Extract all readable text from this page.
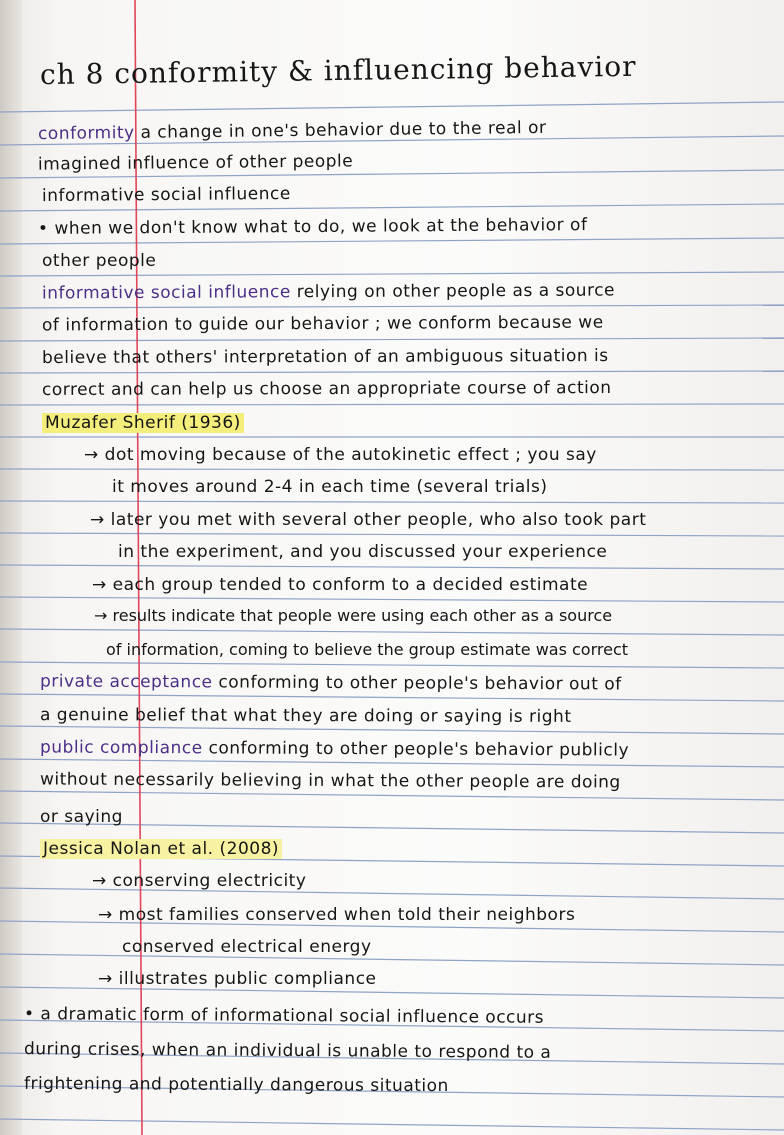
ch 8 conformity & influencing behavior
conformity a change in one's behavior due to the real or
imagined influence of other people
informative social influence
• when we don't know what to do, we look at the behavior of
other people
informative social influence relying on other people as a source
of information to guide our behavior ; we conform because we
believe that others' interpretation of an ambiguous situation is
correct and can help us choose an appropriate course of action
Muzafer Sherif (1936)
→ dot moving because of the autokinetic effect ; you say
it moves around 2-4 in each time (several trials)
→ later you met with several other people, who also took part
in the experiment, and you discussed your experience
→ each group tended to conform to a decided estimate
→ results indicate that people were using each other as a source
of information, coming to believe the group estimate was correct
private acceptance conforming to other people's behavior out of
a genuine belief that what they are doing or saying is right
public compliance conforming to other people's behavior publicly
without necessarily believing in what the other people are doing
or saying
Jessica Nolan et al. (2008)
→ conserving electricity
→ most families conserved when told their neighbors
conserved electrical energy
→ illustrates public compliance
• a dramatic form of informational social influence occurs
during crises, when an individual is unable to respond to a
frightening and potentially dangerous situation
